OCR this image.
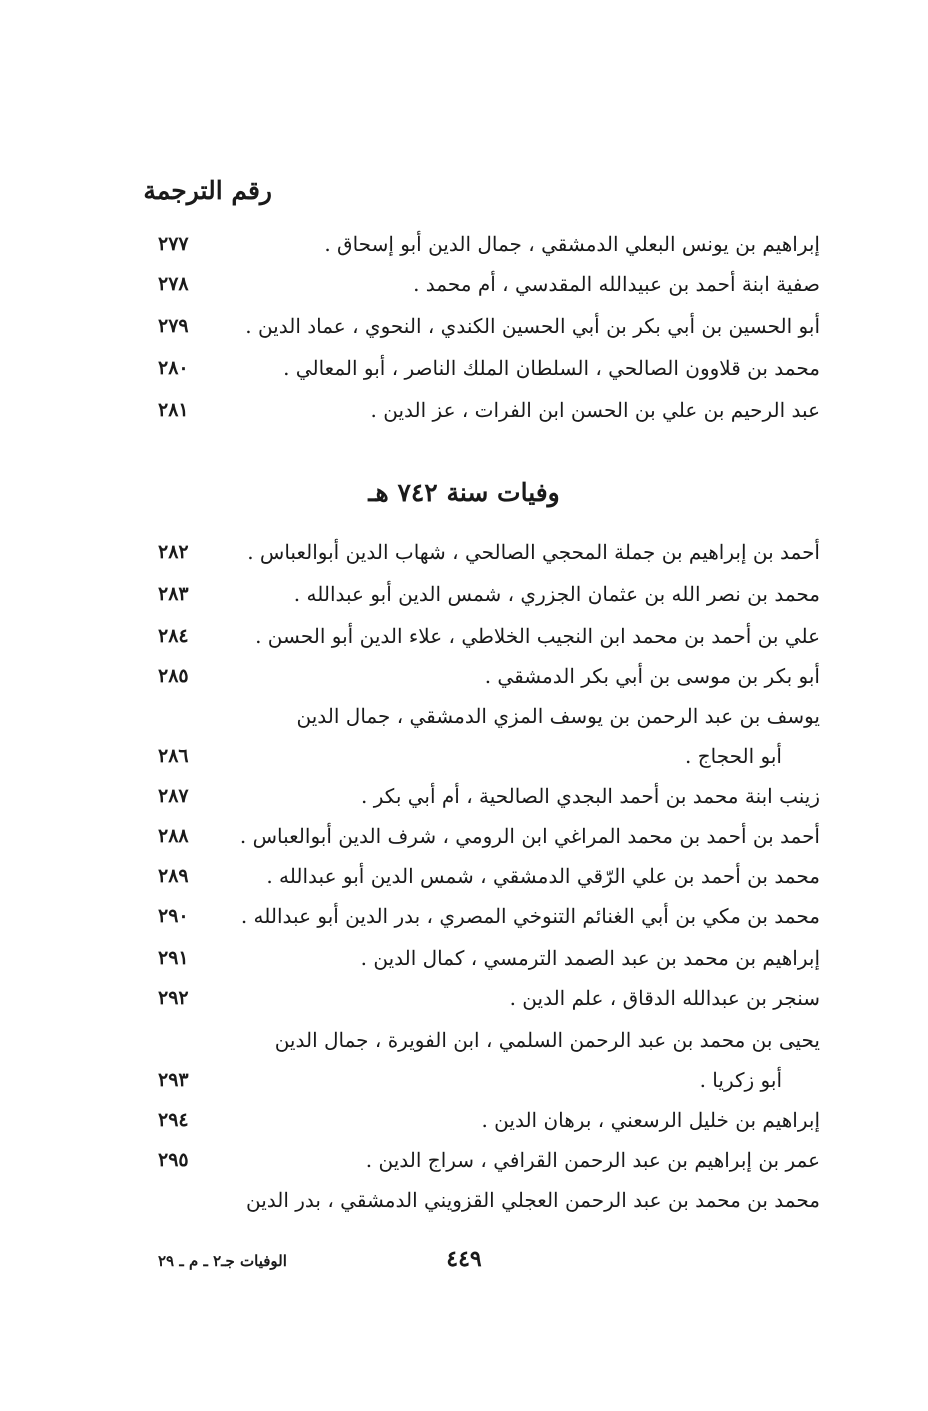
رقم الترجمة
إبراهيم بن يونس البعلي الدمشقي ، جمال الدين أبو إسحاق .
٢٧٧
صفية ابنة أحمد بن عبيدالله المقدسي ، أم محمد .
٢٧٨
أبو الحسين بن أبي بكر بن أبي الحسين الكندي ، النحوي ، عماد الدين .
٢٧٩
محمد بن قلاوون الصالحي ، السلطان الملك الناصر ، أبو المعالي .
٢٨٠
عبد الرحيم بن علي بن الحسن ابن الفرات ، عز الدين .
٢٨١
وفيات سنة ٧٤٢ هـ
أحمد بن إبراهيم بن جملة المحجي الصالحي ، شهاب الدين أبوالعباس .
٢٨٢
محمد بن نصر الله بن عثمان الجزري ، شمس الدين أبو عبدالله .
٢٨٣
علي بن أحمد بن محمد ابن النجيب الخلاطي ، علاء الدين أبو الحسن .
٢٨٤
أبو بكر بن موسى بن أبي بكر الدمشقي .
٢٨٥
يوسف بن عبد الرحمن بن يوسف المزي الدمشقي ، جمال الدين
أبو الحجاج .
٢٨٦
زينب ابنة محمد بن أحمد البجدي الصالحية ، أم أبي بكر .
٢٨٧
أحمد بن أحمد بن محمد المراغي ابن الرومي ، شرف الدين أبوالعباس .
٢٨٨
محمد بن أحمد بن علي الرّقي الدمشقي ، شمس الدين أبو عبدالله .
٢٨٩
محمد بن مكي بن أبي الغنائم التنوخي المصري ، بدر الدين أبو عبدالله .
٢٩٠
إبراهيم بن محمد بن عبد الصمد الترمسي ، كمال الدين .
٢٩١
سنجر بن عبدالله الدقاق ، علم الدين .
٢٩٢
يحيى بن محمد بن عبد الرحمن السلمي ، ابن الفويرة ، جمال الدين
أبو زكريا .
٢٩٣
إبراهيم بن خليل الرسعني ، برهان الدين .
٢٩٤
عمر بن إبراهيم بن عبد الرحمن القرافي ، سراج الدين .
٢٩٥
محمد بن محمد بن عبد الرحمن العجلي القزويني الدمشقي ، بدر الدين
الوفيات جـ٢ ـ م ـ ٢٩	٤٤٩
